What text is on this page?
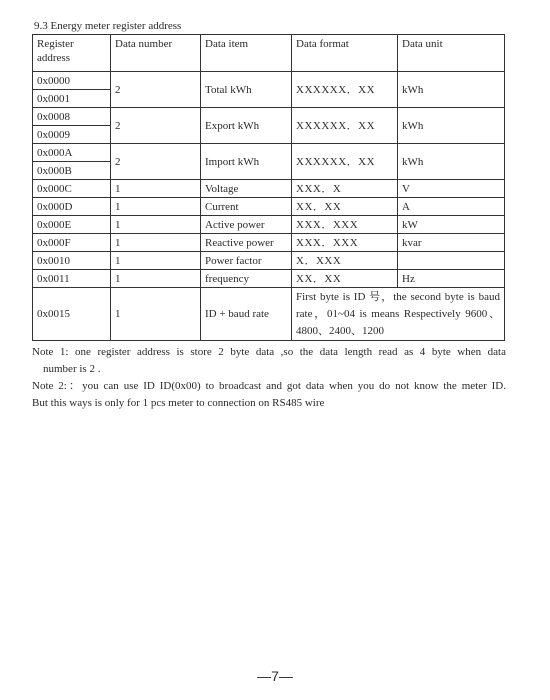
9.3 Energy meter register address
Register address	Data number	Data item	Data format	Data unit
0x0000	2	Total kWh	XXXXXX．XX	kWh
0x0001				
0x0008	2	Export kWh	XXXXXX．XX	kWh
0x0009				
0x000A	2	Import kWh	XXXXXX．XX	kWh
0x000B				
0x000C	1	Voltage	XXX．X	V
0x000D	1	Current	XX．XX	A
0x000E	1	Active power	XXX．XXX	kW
0x000F	1	Reactive power	XXX．XXX	kvar
0x0010	1	Power factor	X．XXX	
0x0011	1	frequency	XX．XX	Hz
0x0015	1	ID + baud rate	First byte is ID 号，the second byte is baud rate，01~04 is means Respectively 9600、4800、2400、1200	
Note 1: one register address is store 2 byte data ,so the data length read as 4 byte when data
number is 2 .
Note 2:：you can use ID ID(0x00) to broadcast and got data when you do not know the meter ID.
But this ways is only for 1 pcs meter to connection on RS485 wire
—7—
